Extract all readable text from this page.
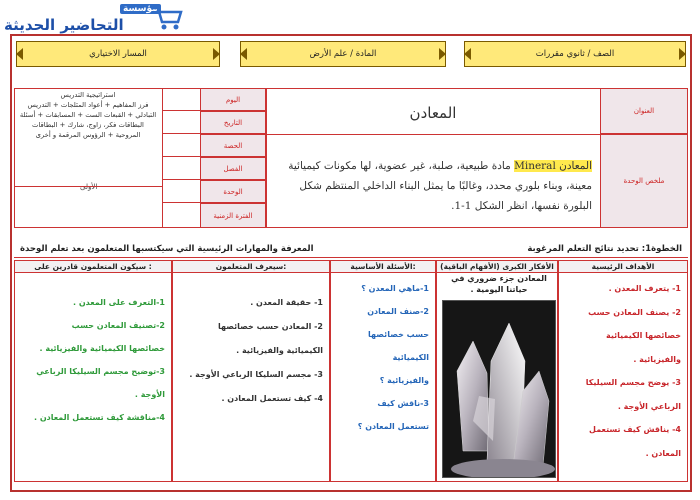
مؤسسة
التحاضير الحديثة
الصف / ثانوي مقررات
المادة / علم الأرض
المسار الاختياري
العنوان
ملخص الوحدة
المعادن
المعادن Mineral مادة طبيعية، صلبة، غير عضوية، لها مكونات كيميائية معينة، وبناء بلوري محدد، وغالبًا ما يمثل البناء الداخلي المنتظم شكل البلورة نفسها، انظر الشكل 1-1.
اليوم
التاريخ
الحصة
الفصل
الوحدة
الفترة الزمنية
استراتيجية التدريس
فرز المفاهيم + أعواد المثلجات + التدريس
التبادلي + القبعات الست + المسابقات + أسئلة
البطاقات فكر، زاوج، شارك + البطاقات
المروحية + الرؤوس المرقمة و أخرى
الأولى
الخطوة1: تحديد نتائج التعلم المرغوبة
المعرفة والمهارات الرئيسية التي سيكتسبها المتعلمون بعد تعلم الوحدة
الأهداف الرئيسية
1- يتعرف المعدن .
2- يصنف المعادن حسب
خصائصها الكيميائية
والفيزيائية .
3- يوضح مجسم السيليكا
الرباعي الأوجة .
4- يناقش كيف تستعمل
المعادن .
الأفكار الكبرى (الأفهام الباقية)
المعادن جزء ضروري في حياتنا اليومية .
الأسئلة الأساسية:
1-ماهي المعدن ؟
2-صنف المعادن
حسب خصائصها
الكيميائية
والفيزيائية ؟
3-ناقش كيف
تستعمل المعادن ؟
سيعرف المتعلمون:
1- حقيقة المعدن .
2- المعادن حسب خصائصها
الكيميائية والفيزيائية .
3- مجسم السليكا الرباعي الأوجة .
4- كيف تستعمل المعادن .
سيكون المتعلمون قادرين على :
1-التعرف على المعدن .
2-تصنيف المعادن حسب
خصائصها الكيميائية والفيزيائية .
3-توضيح مجسم السيليكا الرباعي
الأوجة .
4-مناقشة كيف تستعمل المعادن .
